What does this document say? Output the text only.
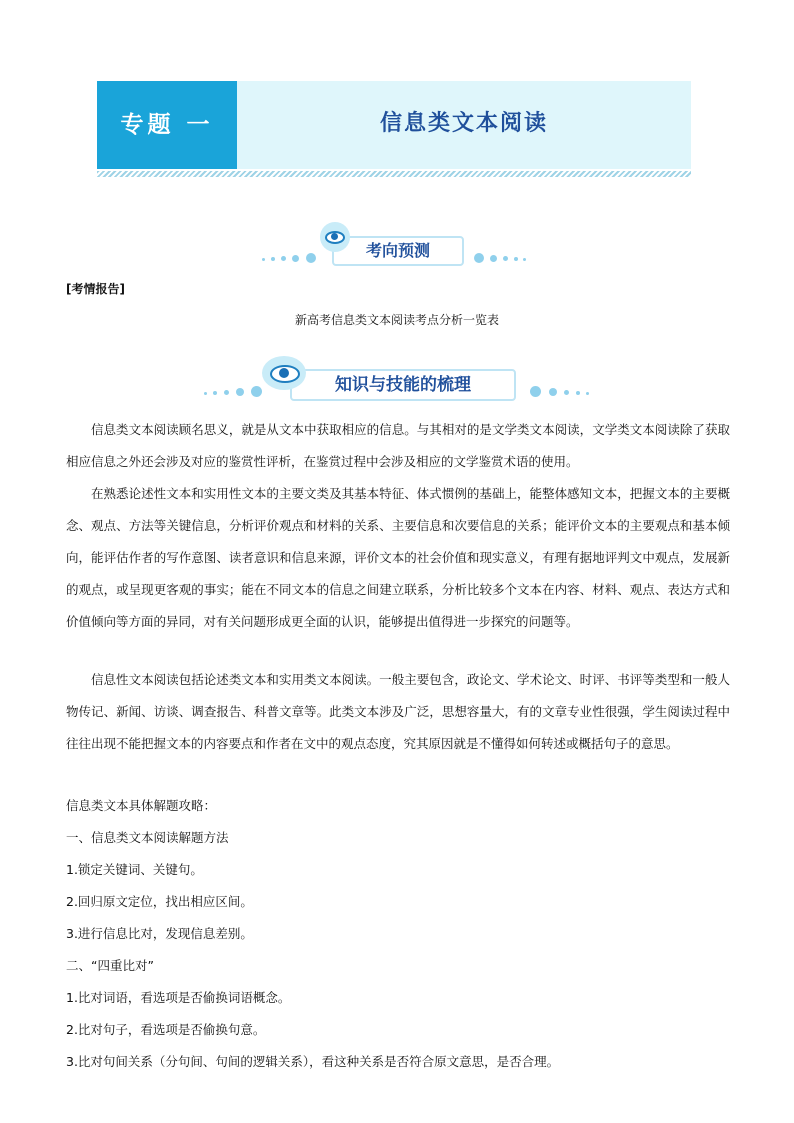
专题 一	信息类文本阅读
考向预测
[考情报告]
新高考信息类文本阅读考点分析一览表
知识与技能的梳理
信息类文本阅读顾名思义，就是从文本中获取相应的信息。与其相对的是文学类文本阅读，文学类文本阅读除了获取相应信息之外还会涉及对应的鉴赏性评析，在鉴赏过程中会涉及相应的文学鉴赏术语的使用。
在熟悉论述性文本和实用性文本的主要文类及其基本特征、体式惯例的基础上，能整体感知文本，把握文本的主要概念、观点、方法等关键信息，分析评价观点和材料的关系、主要信息和次要信息的关系；能评价文本的主要观点和基本倾向，能评估作者的写作意图、读者意识和信息来源，评价文本的社会价值和现实意义，有理有据地评判文中观点，发展新的观点，或呈现更客观的事实；能在不同文本的信息之间建立联系，分析比较多个文本在内容、材料、观点、表达方式和价值倾向等方面的异同，对有关问题形成更全面的认识，能够提出值得进一步探究的问题等。
信息性文本阅读包括论述类文本和实用类文本阅读。一般主要包含，政论文、学术论文、时评、书评等类型和一般人物传记、新闻、访谈、调查报告、科普文章等。此类文本涉及广泛，思想容量大，有的文章专业性很强，学生阅读过程中往往出现不能把握文本的内容要点和作者在文中的观点态度，究其原因就是不懂得如何转述或概括句子的意思。
信息类文本具体解题攻略：
一、信息类文本阅读解题方法
1.锁定关键词、关键句。
2.回归原文定位，找出相应区间。
3.进行信息比对，发现信息差别。
二、“四重比对”
1.比对词语，看选项是否偷换词语概念。
2.比对句子，看选项是否偷换句意。
3.比对句间关系（分句间、句间的逻辑关系），看这种关系是否符合原文意思，是否合理。
